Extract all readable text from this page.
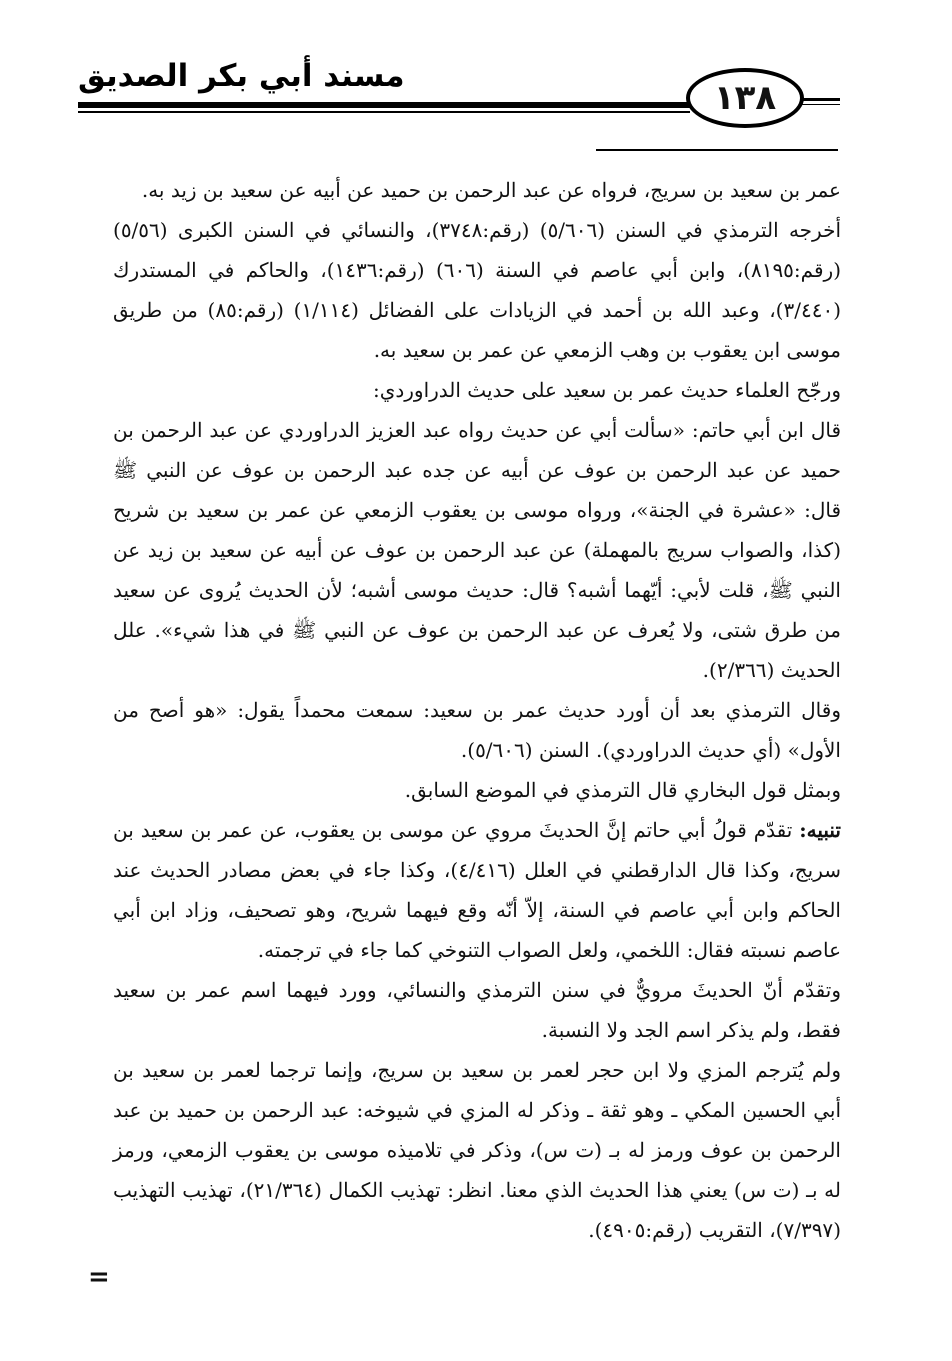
مسند أبي بكر الصديق
١٣٨

عمر بن سعيد بن سريج، فرواه عن عبد الرحمن بن حميد عن أبيه عن سعيد بن زيد به.

أخرجه الترمذي في السنن (٥/٦٠٦) (رقم:٣٧٤٨)، والنسائي في السنن الكبرى (٥/٥٦) (رقم:٨١٩٥)، وابن أبي عاصم في السنة (٦٠٦) (رقم:١٤٣٦)، والحاكم في المستدرك (٣/٤٤٠)، وعبد الله بن أحمد في الزيادات على الفضائل (١/١١٤) (رقم:٨٥) من طريق موسى ابن يعقوب بن وهب الزمعي عن عمر بن سعيد به.

ورجّح العلماء حديث عمر بن سعيد على حديث الدراوردي:

قال ابن أبي حاتم: «سألت أبي عن حديث رواه عبد العزيز الدراوردي عن عبد الرحمن بن حميد عن عبد الرحمن بن عوف عن أبيه عن جده عبد الرحمن بن عوف عن النبي ﷺ قال: «عشرة في الجنة»، ورواه موسى بن يعقوب الزمعي عن عمر بن سعيد بن شريح (كذا، والصواب سريج بالمهملة) عن عبد الرحمن بن عوف عن أبيه عن سعيد بن زيد عن النبي ﷺ، قلت لأبي: أيّهما أشبه؟ قال: حديث موسى أشبه؛ لأن الحديث يُروى عن سعيد من طرق شتى، ولا يُعرف عن عبد الرحمن بن عوف عن النبي ﷺ في هذا شيء». علل الحديث (٢/٣٦٦).

وقال الترمذي بعد أن أورد حديث عمر بن سعيد: سمعت محمداً يقول: «هو أصح من الأول» (أي حديث الدراوردي). السنن (٥/٦٠٦).

وبمثل قول البخاري قال الترمذي في الموضع السابق.

تنبيه: تقدّم قولُ أبي حاتم إنَّ الحديثَ مروي عن موسى بن يعقوب، عن عمر بن سعيد بن سريج، وكذا قال الدارقطني في العلل (٤/٤١٦)، وكذا جاء في بعض مصادر الحديث عند الحاكم وابن أبي عاصم في السنة، إلاّ أنّه وقع فيهما شريح، وهو تصحيف، وزاد ابن أبي عاصم نسبته فقال: اللخمي، ولعل الصواب التنوخي كما جاء في ترجمته.

وتقدّم أنّ الحديثَ مرويٌّ في سنن الترمذي والنسائي، وورد فيهما اسم عمر بن سعيد فقط، ولم يذكر اسم الجد ولا النسبة.

ولم يُترجم المزي ولا ابن حجر لعمر بن سعيد بن سريج، وإنما ترجما لعمر بن سعيد بن أبي الحسين المكي ـ وهو ثقة ـ وذكر له المزي في شيوخه: عبد الرحمن بن حميد بن عبد الرحمن بن عوف ورمز له بـ (ت س)، وذكر في تلاميذه موسى بن يعقوب الزمعي، ورمز له بـ (ت س) يعني هذا الحديث الذي معنا. انظر: تهذيب الكمال (٢١/٣٦٤)، تهذيب التهذيب (٧/٣٩٧)، التقريب (رقم:٤٩٠٥).

=
